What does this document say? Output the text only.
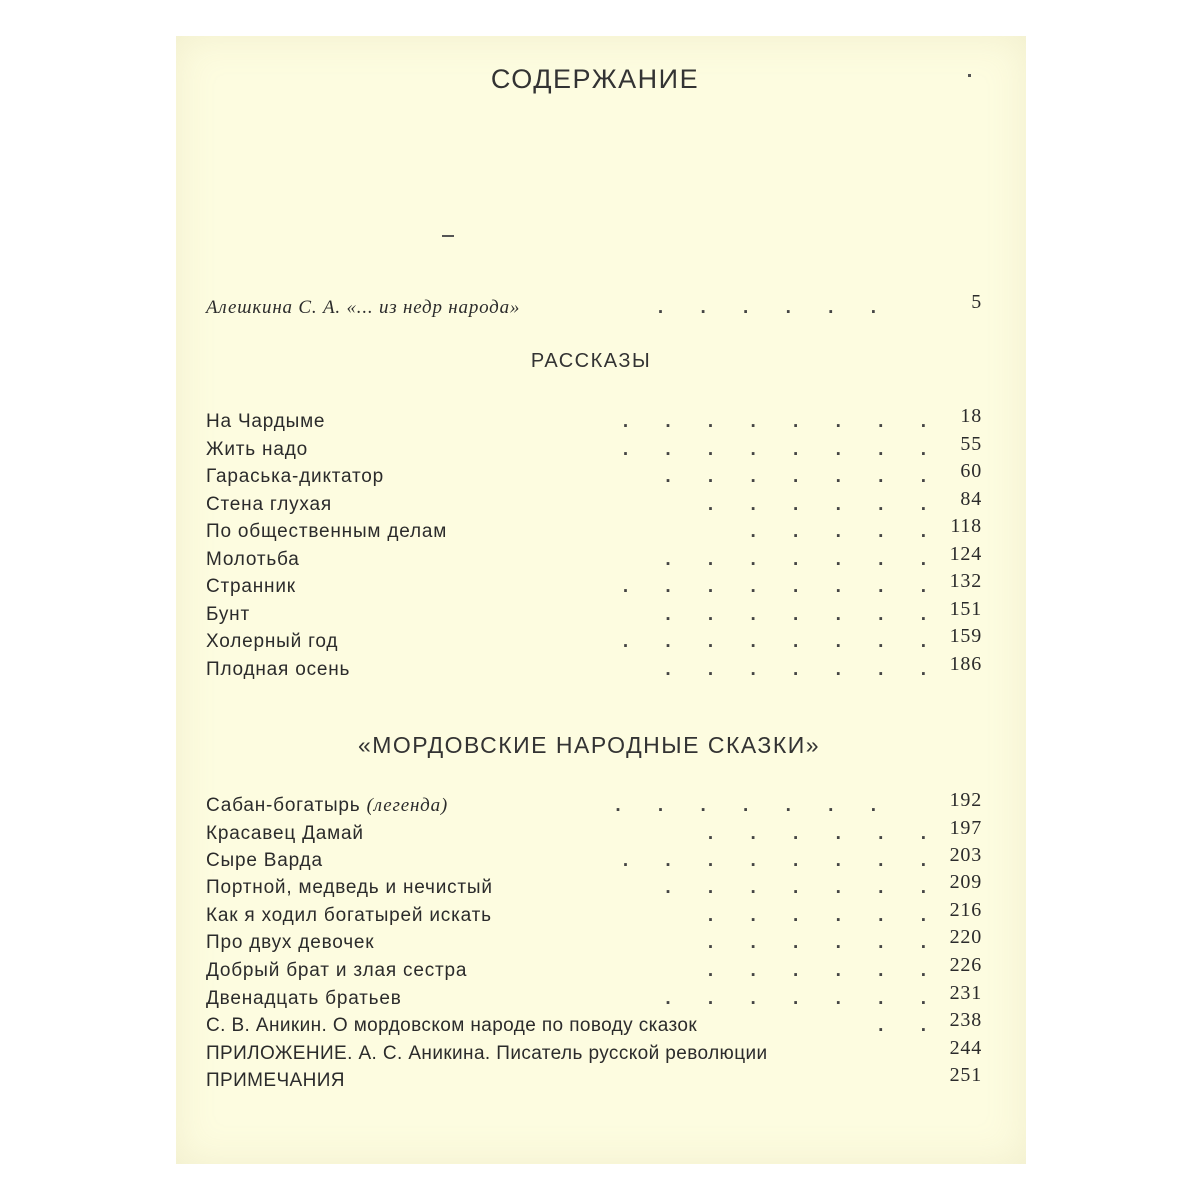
СОДЕРЖАНИЕ
Алешкина С. А. «... из недр народа»	. . . . . .	5
РАССКАЗЫ
На Чардыме	. . . . . . . .	18
Жить надо	. . . . . . . .	55
Гараська-диктатор	. . . . . . .	60
Стена глухая	. . . . . .	84
По общественным делам	. . . . .	118
Молотьба	. . . . . . .	124
Странник	. . . . . . . .	132
Бунт	. . . . . . .	151
Холерный год	. . . . . . . .	159
Плодная осень	. . . . . . .	186
«МОРДОВСКИЕ НАРОДНЫЕ СКАЗКИ»
Сабан-богатырь (легенда)	. . . . . . .	192
Красавец Дамай	. . . . . .	197
Сыре Варда	. . . . . . . .	203
Портной, медведь и нечистый	. . . . . . .	209
Как я ходил богатырей искать	. . . . . .	216
Про двух девочек	. . . . . .	220
Добрый брат и злая сестра	. . . . . .	226
Двенадцать братьев	. . . . . . .	231
С. В. Аникин. О мордовском народе по поводу сказок	. .	238
ПРИЛОЖЕНИЕ. А. С. Аникина. Писатель русской революции	244
ПРИМЕЧАНИЯ	251
